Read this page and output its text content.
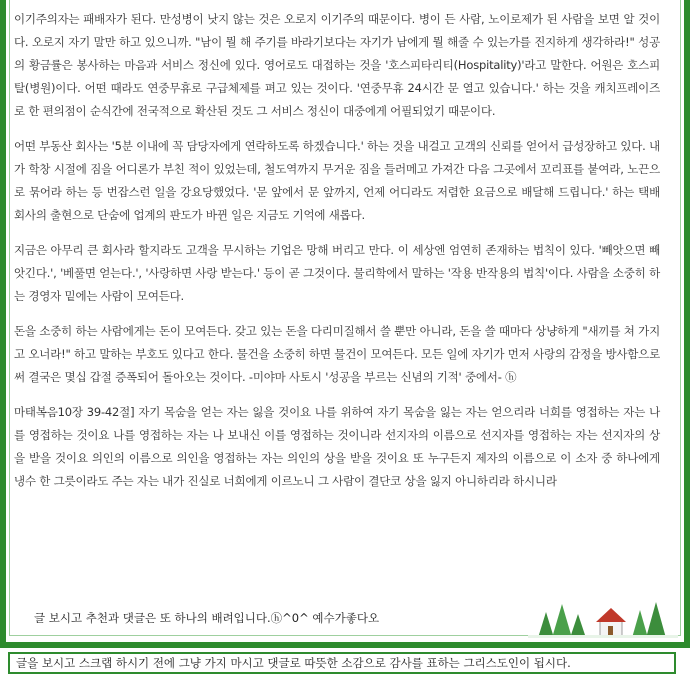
이기주의자는 패배자가 된다. 만성병이 낫지 않는 것은 오로지 이기주의 때문이다. 병이 든 사람, 노이로제가 된 사람을 보면 알 것이다. 오로지 자기 말만 하고 있으니까. "남이 뭘 해 주기를 바라기보다는 자기가 남에게 뭘 해줄 수 있는가를 진지하게 생각하라!" 성공의 황금률은 봉사하는 마음과 서비스 정신에 있다. 영어로도 대접하는 것을 '호스피타리티(Hospitality)'라고 말한다. 어원은 호스피탈(병원)이다. 어떤 때라도 연중무휴로 구급체제를 펴고 있는 것이다. '연중무휴 24시간 문 열고 있습니다.' 하는 것을 캐치프레이즈로 한 편의점이 순식간에 전국적으로 확산된 것도 그 서비스 정신이 대중에게 어필되었기 때문이다.

어떤 부동산 회사는 '5분 이내에 꼭 담당자에게 연락하도록 하겠습니다.' 하는 것을 내걸고 고객의 신뢰를 얻어서 급성장하고 있다. 내가 학창 시절에 짐을 어디론가 부친 적이 있었는데, 철도역까지 무거운 짐을 들러메고 가져간 다음 그곳에서 꼬리표를 붙여라, 노끈으로 묶어라 하는 등 번잡스런 일을 강요당했었다. '문 앞에서 문 앞까지, 언제 어디라도 저렴한 요금으로 배달해 드립니다.' 하는 택배 회사의 출현으로 단숨에 업계의 판도가 바뀐 일은 지금도 기억에 새롭다.

지금은 아무리 큰 회사라 할지라도 고객을 무시하는 기업은 망해 버리고 만다. 이 세상엔 엄연히 존재하는 법칙이 있다. '빼앗으면 빼앗긴다.', '베풀면 얻는다.', '사랑하면 사랑 받는다.' 등이 곧 그것이다. 물리학에서 말하는 '작용 반작용의 법칙'이다. 사람을 소중히 하는 경영자 밑에는 사람이 모여든다.

돈을 소중히 하는 사람에게는 돈이 모여든다. 갖고 있는 돈을 다리미질해서 쓸 뿐만 아니라, 돈을 쓸 때마다 상냥하게 "새끼를 쳐 가지고 오너라!" 하고 말하는 부호도 있다고 한다. 물건을 소중히 하면 물건이 모여든다. 모든 일에 자기가 먼저 사랑의 감정을 방사함으로써 결국은 몇십 갑절 증폭되어 돌아오는 것이다. -미야마 사토시 '성공을 부르는 신념의 기적' 중에서- ⓗ

마태복음10장 39-42절] 자기 목숨을 얻는 자는 잃을 것이요 나를 위하여 자기 목숨을 잃는 자는 얻으리라 너희를 영접하는 자는 나를 영접하는 것이요 나를 영접하는 자는 나 보내신 이를 영접하는 것이니라 선지자의 이름으로 선지자를 영접하는 자는 선지자의 상을 받을 것이요 의인의 이름으로 의인을 영접하는 자는 의인의 상을 받을 것이요 또 누구든지 제자의 이름으로 이 소자 중 하나에게 냉수 한 그릇이라도 주는 자는 내가 진실로 너희에게 이르노니 그 사람이 결단코 상을 잃지 아니하리라 하시니라

글 보시고 추천과 댓글은 또 하나의 배려입니다.ⓗ^0^ 예수가좋다오
글을 보시고 스크랩 하시기 전에 그냥 가지 마시고 댓글로 따뜻한 소감으로 감사를 표하는 그리스도인이 됩시다.
